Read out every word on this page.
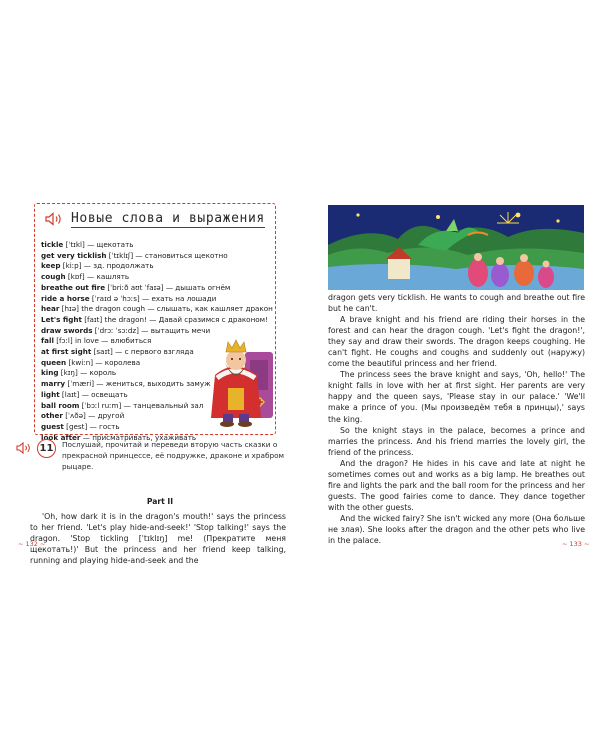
Новые слова и выражения
tickle [ˈtɪkl] — щекотать
get very ticklish [ˈtɪklɪʃ] — становиться щекотно
keep [kiːp] — зд. продолжать
cough [kɒf] — кашлять
breathe out fire [ˈbriːð aʊt ˈfaɪə] — дышать огнём
ride a horse [ˈraɪd ə ˈhɔːs] — ехать на лошади
hear [hɪə] the dragon cough — слышать, как кашляет дракон
Let's fight [faɪt] the dragon! — Давай сразимся с драконом!
draw swords [ˈdrɔː ˈsɔːdz] — вытащить мечи
fall [fɔːl] in love — влюбиться
at first sight [saɪt] — с первого взгляда
queen [kwiːn] — королева
king [kɪŋ] — король
marry [ˈmæri] — жениться, выходить замуж
light [laɪt] — освещать
ball room [ˈbɔːl ruːm] — танцевальный зал
other [ˈʌðə] — другой
guest [gest] — гость
look after — присматривать, ухаживать
11	Послушай, прочитай и переведи вторую часть сказки о прекрасной принцессе, её подружке, драконе и храбром рыцаре.
Part II

'Oh, how dark it is in the dragon's mouth!' says the princess to her friend. 'Let's play hide-and-seek!' 'Stop talking!' says the dragon. 'Stop tickling [ˈtɪklɪŋ] me! (Прекратите меня щекотать!)' But the princess and her friend keep talking, running and playing hide-and-seek and the

~ 132 ~

dragon gets very ticklish. He wants to cough and breathe out fire but he can't.

A brave knight and his friend are riding their horses in the forest and can hear the dragon cough. 'Let's fight the dragon!', they say and draw their swords. The dragon keeps coughing. He can't fight. He coughs and coughs and suddenly out (наружу) come the beautiful princess and her friend.

The princess sees the brave knight and says, 'Oh, hello!' The knight falls in love with her at first sight. Her parents are very happy and the queen says, 'Please stay in our palace.' 'We'll make a prince of you. (Мы произведём тебя в принцы),' says the king.

So the knight stays in the palace, becomes a prince and marries the princess. And his friend marries the lovely girl, the friend of the princess.

And the dragon? He hides in his cave and late at night he sometimes comes out and works as a big lamp. He breathes out fire and lights the park and the ball room for the princess and her guests. The good fairies come to dance. They dance together with the other guests.

And the wicked fairy? She isn't wicked any more (Она больше не злая). She looks after the dragon and the other pets who live in the palace.	~ 133 ~
